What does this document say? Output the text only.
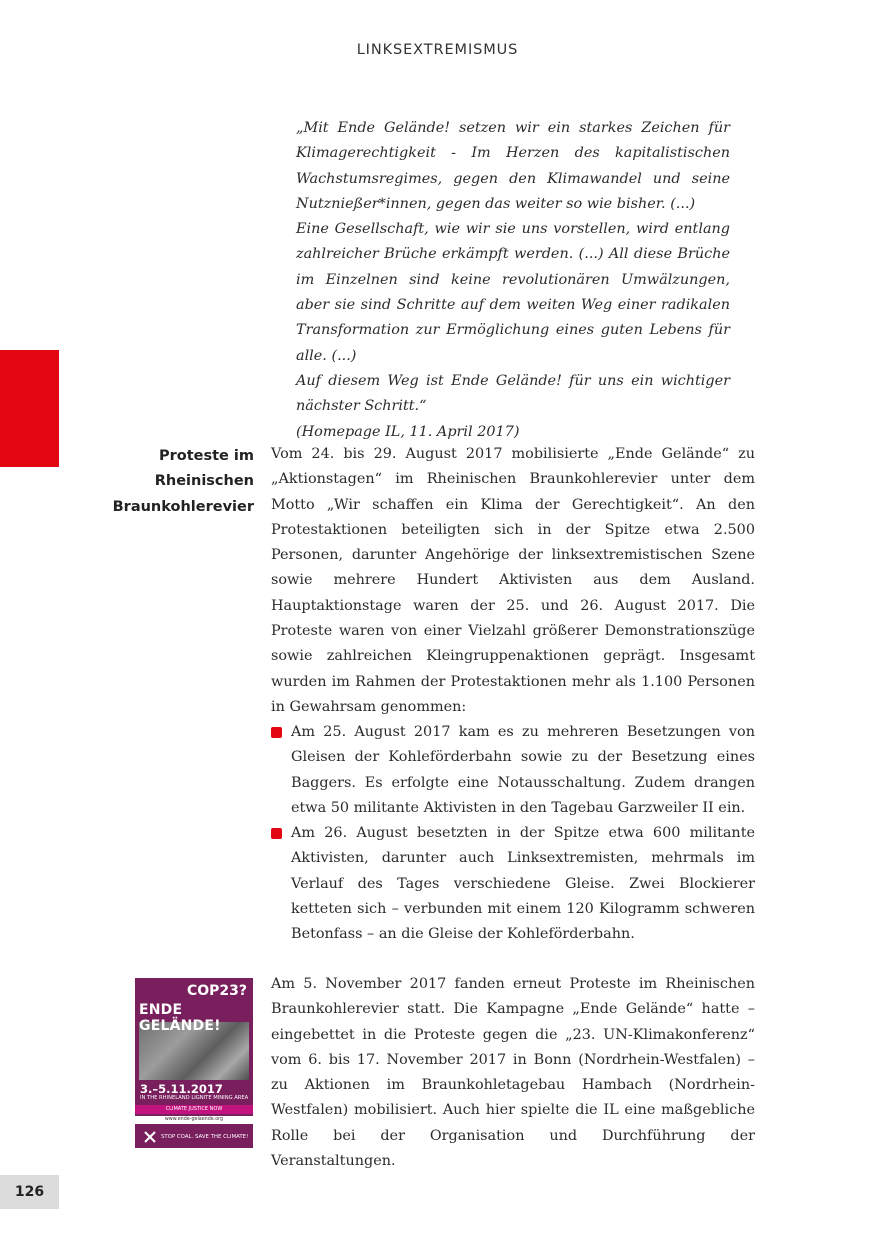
LINKSEXTREMISMUS

„Mit Ende Gelände! setzen wir ein starkes Zeichen für Klimagerechtigkeit - Im Herzen des kapitalistischen Wachstumsregimes, gegen den Klimawandel und seine Nutznießer*innen, gegen das weiter so wie bisher. (...)

Eine Gesellschaft, wie wir sie uns vorstellen, wird entlang zahlreicher Brüche erkämpft werden. (...) All diese Brüche im Einzelnen sind keine revolutionären Umwälzungen, aber sie sind Schritte auf dem weiten Weg einer radikalen Transformation zur Ermöglichung eines guten Lebens für alle. (...)

Auf diesem Weg ist Ende Gelände! für uns ein wichtiger nächster Schritt.“

(Homepage IL, 11. April 2017)

Proteste im
Rheinischen
Braunkohlerevier

Vom 24. bis 29. August 2017 mobilisierte „Ende Gelände“ zu „Aktionstagen“ im Rheinischen Braunkohlerevier unter dem Motto „Wir schaffen ein Klima der Gerechtigkeit“. An den Protestaktionen beteiligten sich in der Spitze etwa 2.500 Personen, darunter Angehörige der linksextremistischen Szene sowie mehrere Hundert Aktivisten aus dem Ausland. Hauptaktionstage waren der 25. und 26. August 2017. Die Proteste waren von einer Vielzahl größerer Demonstrationszüge sowie zahlreichen Kleingruppenaktionen geprägt. Insgesamt wurden im Rahmen der Protestaktionen mehr als 1.100 Personen in Gewahrsam genommen:

Am 25. August 2017 kam es zu mehreren Besetzungen von Gleisen der Kohleförderbahn sowie zu der Besetzung eines Baggers. Es erfolgte eine Notausschaltung. Zudem drangen etwa 50 militante Aktivisten in den Tagebau Garzweiler II ein.
Am 26. August besetzten in der Spitze etwa 600 militante Aktivisten, darunter auch Linksextremisten, mehrmals im Verlauf des Tages verschiedene Gleise. Zwei Blockierer ketteten sich – verbunden mit einem 120 Kilogramm schweren Betonfass – an die Gleise der Kohleförderbahn.
COP23?
ENDE GELÄNDE!
3.–5.11.2017
IN THE RHINELAND LIGNITE MINING AREA
CLIMATE JUSTICE NOW
www.ende-gelaende.org
STOP COAL. SAVE THE CLIMATE!

Am 5. November 2017 fanden erneut Proteste im Rheinischen Braunkohlerevier statt. Die Kampagne „Ende Gelände“ hatte – eingebettet in die Proteste gegen die „23. UN-Klimakonferenz“ vom 6. bis 17. November 2017 in Bonn (Nordrhein-Westfalen) – zu Aktionen im Braunkohletagebau Hambach (Nordrhein-Westfalen) mobilisiert. Auch hier spielte die IL eine maßgebliche Rolle bei der Organisation und Durchführung der Veranstaltungen.

126
